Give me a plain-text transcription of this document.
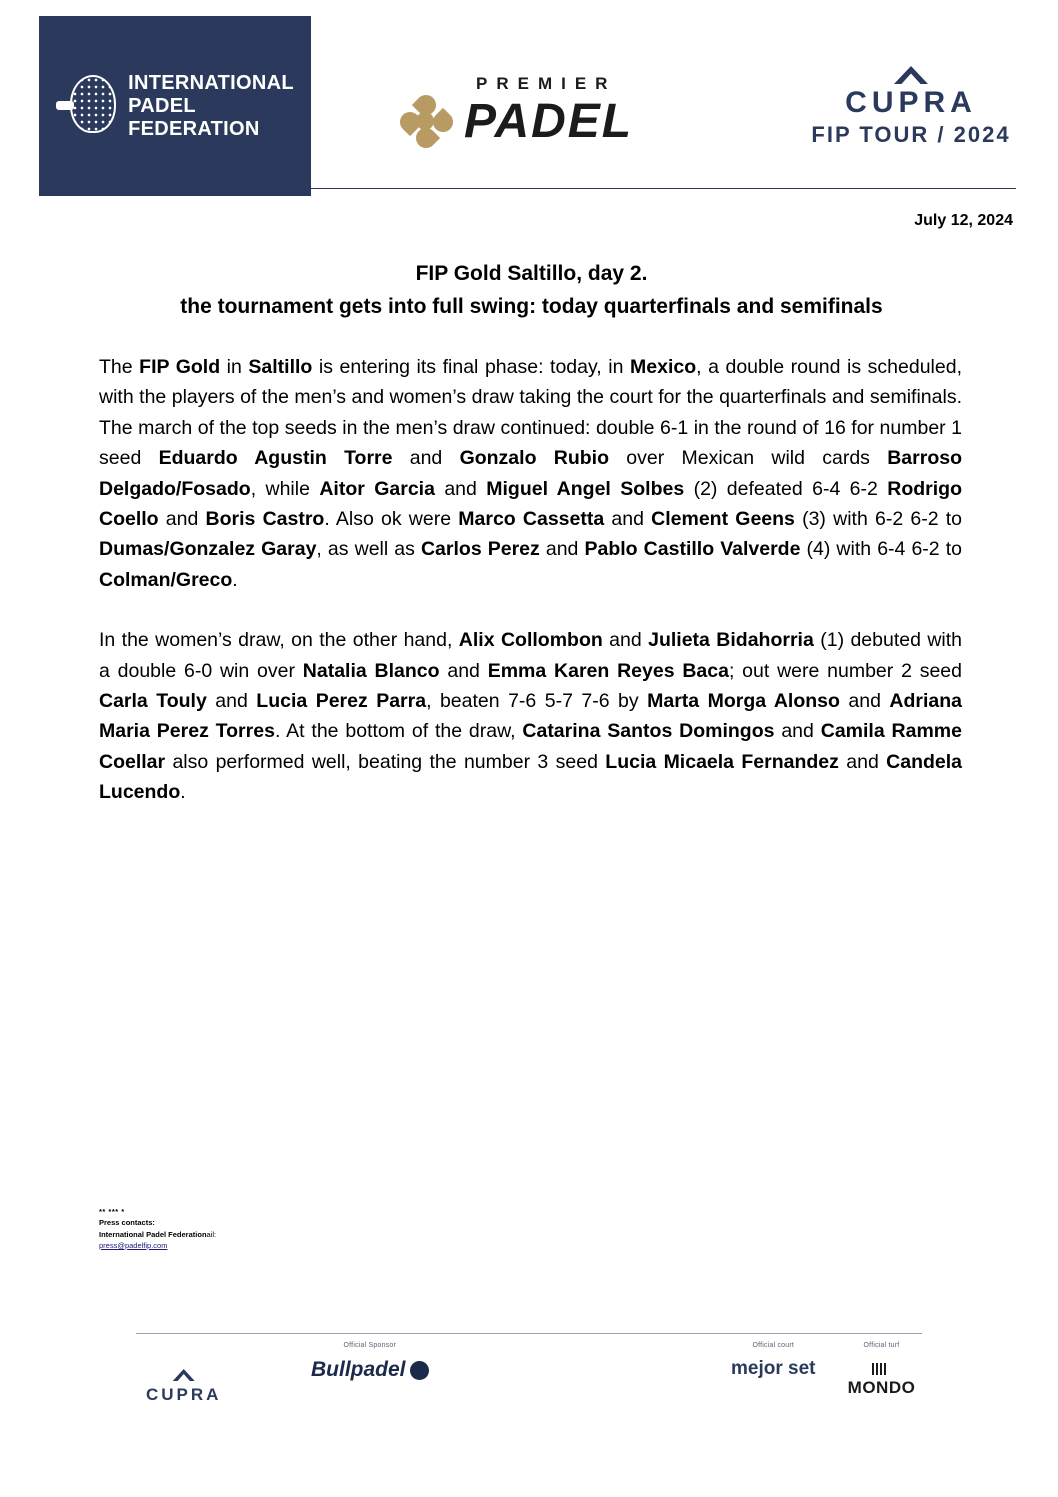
INTERNATIONAL
PADEL
FEDERATION
PREMIER
PADEL	CUPRA
FIP TOUR / 2024
July 12, 2024
FIP Gold Saltillo, day 2.
the tournament gets into full swing: today quarterfinals and semifinals

The FIP Gold in Saltillo is entering its final phase: today, in Mexico, a double round is scheduled, with the players of the men’s and women’s draw taking the court for the quarterfinals and semifinals. The march of the top seeds in the men’s draw continued: double 6-1 in the round of 16 for number 1 seed Eduardo Agustin Torre and Gonzalo Rubio over Mexican wild cards Barroso Delgado/Fosado, while Aitor Garcia and Miguel Angel Solbes (2) defeated 6-4 6-2 Rodrigo Coello and Boris Castro. Also ok were Marco Cassetta and Clement Geens (3) with 6-2 6-2 to Dumas/Gonzalez Garay, as well as Carlos Perez and Pablo Castillo Valverde (4) with 6-4 6-2 to Colman/Greco.

In the women’s draw, on the other hand, Alix Collombon and Julieta Bidahorria (1) debuted with a double 6-0 win over Natalia Blanco and Emma Karen Reyes Baca; out were number 2 seed Carla Touly and Lucia Perez Parra, beaten 7-6 5-7 7-6 by Marta Morga Alonso and Adriana Maria Perez Torres. At the bottom of the draw, Catarina Santos Domingos and Camila Ramme Coellar also performed well, beating the number 3 seed Lucia Micaela Fernandez and Candela Lucendo.

** *** *
Press contacts:
International Padel Federationail:
press@padelfip.com
CUPRA
Official Sponsor
Bullpadel
Official court
mejor set
Official turf
MONDO
